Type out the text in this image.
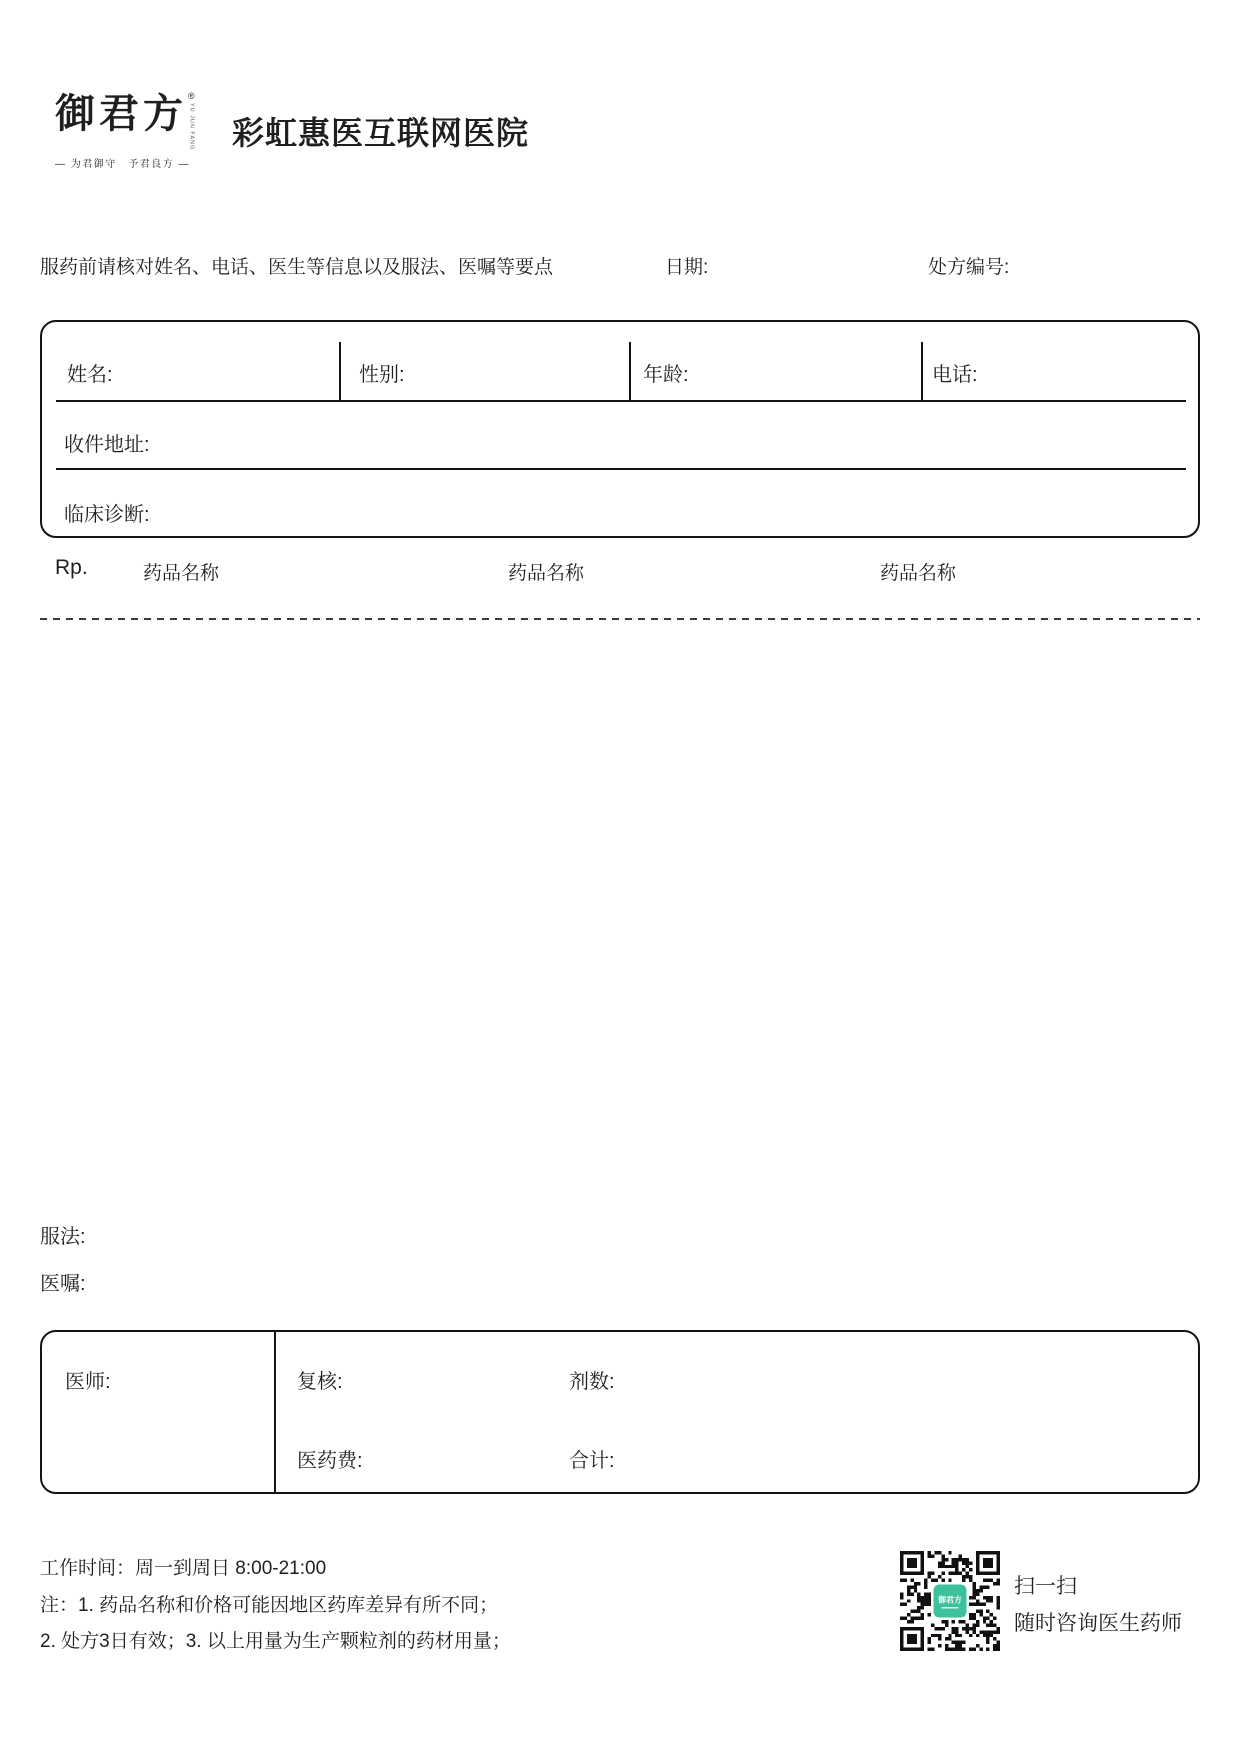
御君方 ®
YU JUN FANG
— 为君御守　予君良方 —
彩虹惠医互联网医院
服药前请核对姓名、电话、医生等信息以及服法、医嘱等要点	日期:	处方编号:
姓名:	性别:	年龄:	电话:
收件地址:
临床诊断:
Rp.	药品名称	药品名称	药品名称
服法:
医嘱:
医师:	复核:	剂数:
医药费:	合计:
工作时间：周一到周日 8:00-21:00
注：1. 药品名称和价格可能因地区药库差异有所不同；
2. 处方3日有效；3. 以上用量为生产颗粒剂的药材用量；
御君方
扫一扫
随时咨询医生药师
